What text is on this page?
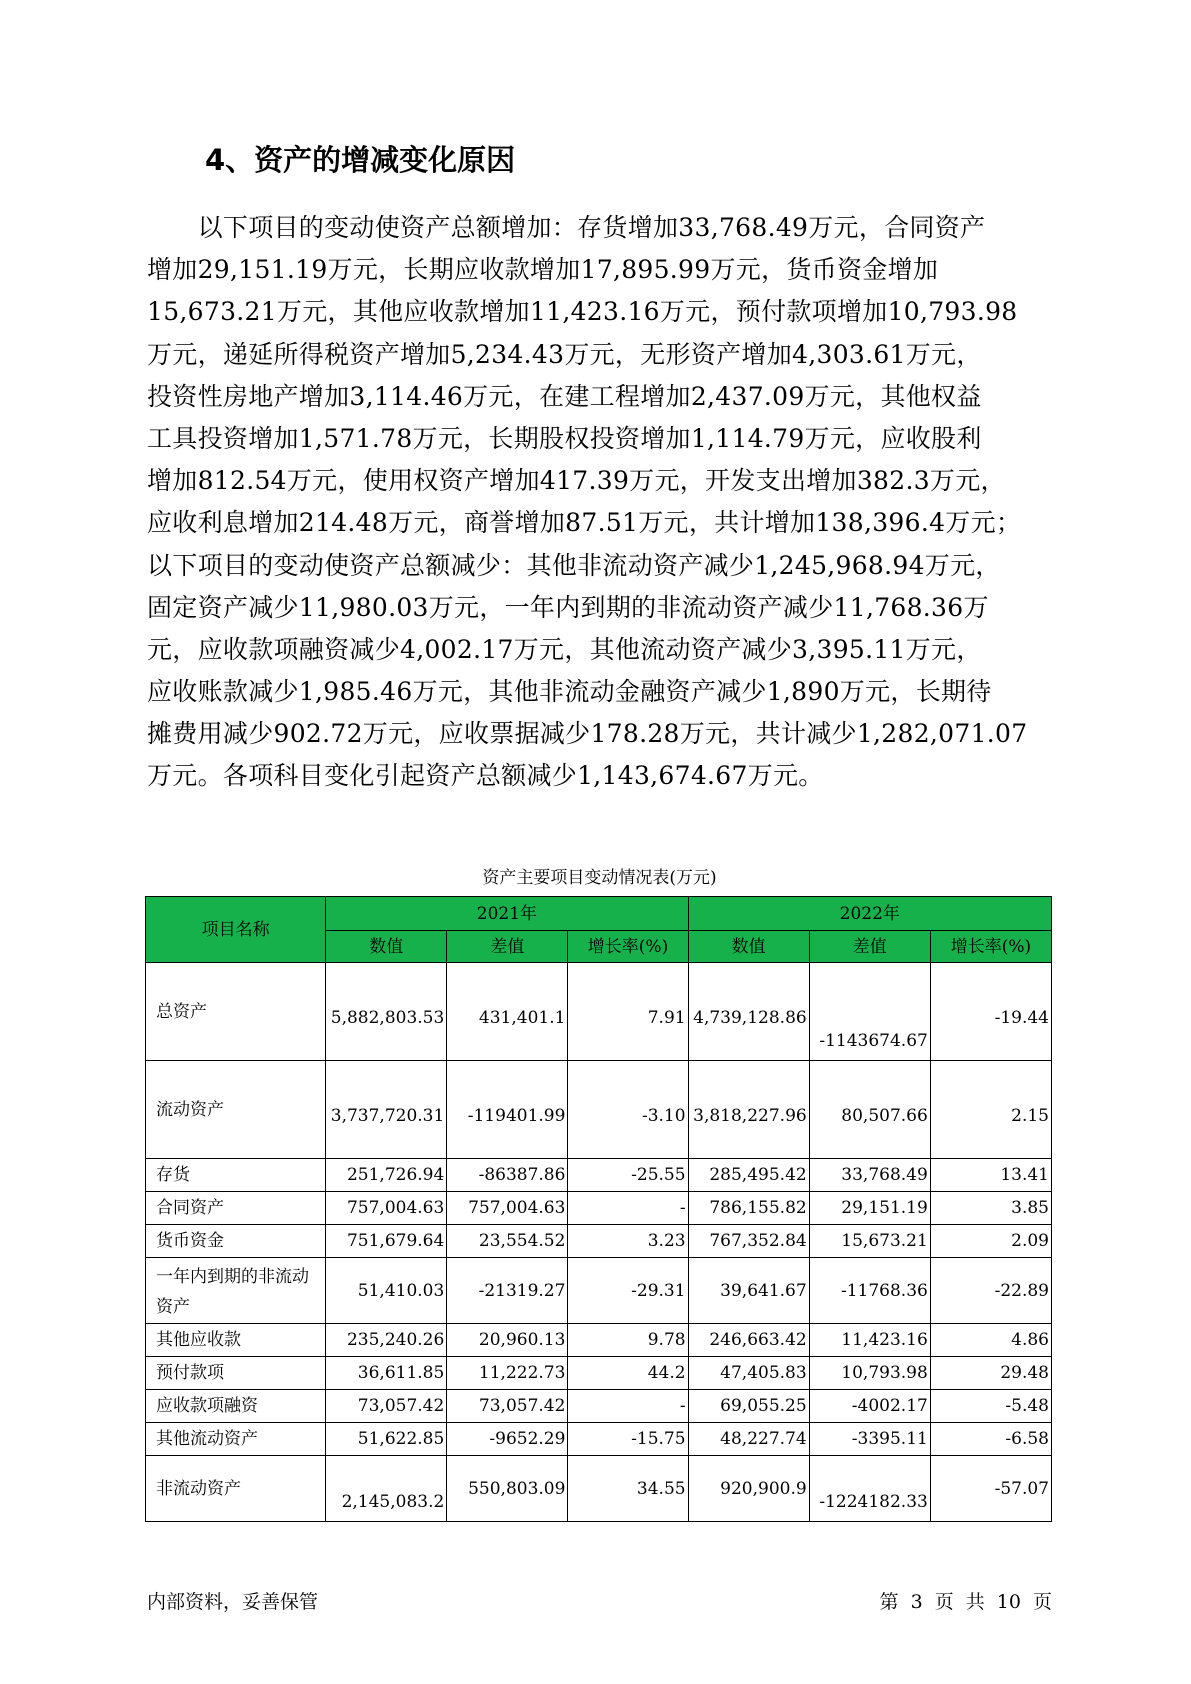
4、资产的增减变化原因
　　以下项目的变动使资产总额增加：存货增加33,768.49万元，合同资产
增加29,151.19万元，长期应收款增加17,895.99万元，货币资金增加
15,673.21万元，其他应收款增加11,423.16万元，预付款项增加10,793.98
万元，递延所得税资产增加5,234.43万元，无形资产增加4,303.61万元，
投资性房地产增加3,114.46万元，在建工程增加2,437.09万元，其他权益
工具投资增加1,571.78万元，长期股权投资增加1,114.79万元，应收股利
增加812.54万元，使用权资产增加417.39万元，开发支出增加382.3万元，
应收利息增加214.48万元，商誉增加87.51万元，共计增加138,396.4万元；
以下项目的变动使资产总额减少：其他非流动资产减少1,245,968.94万元，
固定资产减少11,980.03万元，一年内到期的非流动资产减少11,768.36万
元，应收款项融资减少4,002.17万元，其他流动资产减少3,395.11万元，
应收账款减少1,985.46万元，其他非流动金融资产减少1,890万元，长期待
摊费用减少902.72万元，应收票据减少178.28万元，共计减少1,282,071.07
万元。各项科目变化引起资产总额减少1,143,674.67万元。
资产主要项目变动情况表(万元)
项目名称	2021年			2022年		
	数值	差值	增长率(%)	数值	差值	增长率(%)
总资产	5,882,803.53	431,401.1	7.91	4,739,128.86	-1143674.67	-19.44
流动资产	3,737,720.31	-119401.99	-3.10	3,818,227.96	80,507.66	2.15
存货	251,726.94	-86387.86	-25.55	285,495.42	33,768.49	13.41
合同资产	757,004.63	757,004.63	-	786,155.82	29,151.19	3.85
货币资金	751,679.64	23,554.52	3.23	767,352.84	15,673.21	2.09
一年内到期的非流动资产	51,410.03	-21319.27	-29.31	39,641.67	-11768.36	-22.89
其他应收款	235,240.26	20,960.13	9.78	246,663.42	11,423.16	4.86
预付款项	36,611.85	11,222.73	44.2	47,405.83	10,793.98	29.48
应收款项融资	73,057.42	73,057.42	-	69,055.25	-4002.17	-5.48
其他流动资产	51,622.85	-9652.29	-15.75	48,227.74	-3395.11	-6.58
非流动资产	2,145,083.2	550,803.09	34.55	920,900.9	-1224182.33	-57.07
内部资料，妥善保管	第 3 页 共 10 页
